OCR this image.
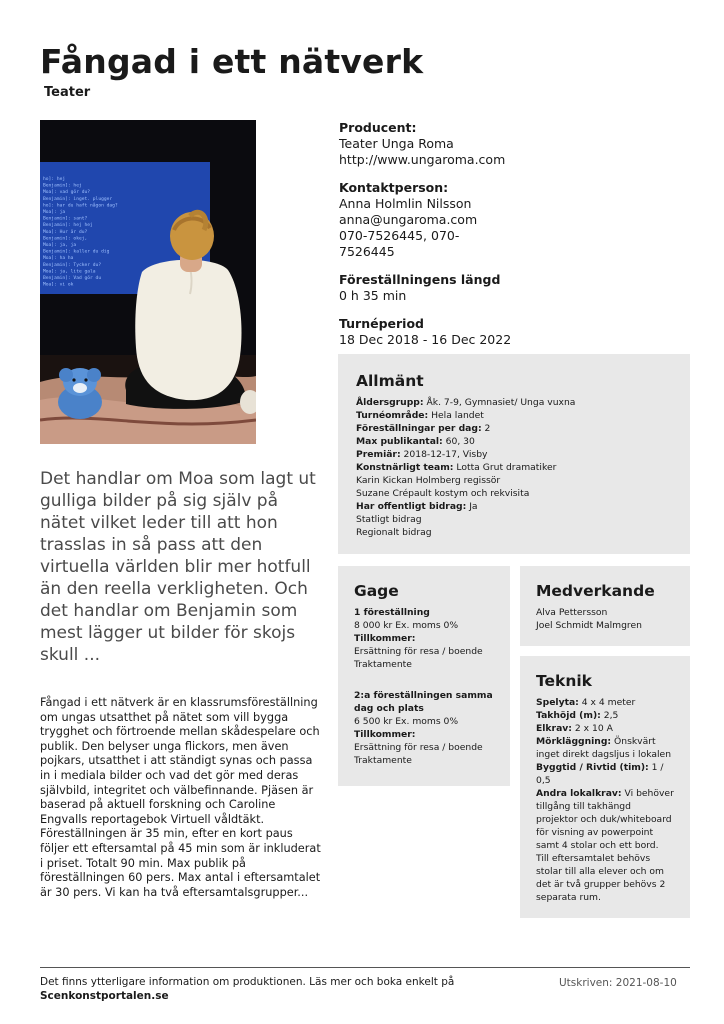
Fångad i ett nätverk
Teater
ho]: hej
Benjamin]: hej
Moa]: vad gör du?
Benjamin]: inget. plugger
ho]: har du haft någon dag?
Moa]: ja
Benjamin]: sant?
Benjamin]: hej hej
Moa]: Hur är du?
Benjamin]: okej,
Moa]: ja, ja
Benjamin]: kaller du dig
Moa]: ha ha
Benjamin]: Tycker du?
Moa]: ja, lite gala
Benjamin]: Vad gör du
Moa]: vi ok
Producent:
Teater Unga Roma
http://www.ungaroma.com
Kontaktperson:
Anna Holmlin Nilsson
anna@ungaroma.com
070-7526445, 070-
7526445
Föreställningens längd
0 h 35 min
Turnéperiod
18 Dec 2018 - 16 Dec 2022

Det handlar om Moa som lagt ut gulliga bilder på sig själv på nätet vilket leder till att hon trasslas in så pass att den virtuella världen blir mer hotfull än den reella verkligheten. Och det handlar om Benjamin som mest lägger ut bilder för skojs skull ...

Fångad i ett nätverk är en klassrumsföreställning om ungas utsatthet på nätet som vill bygga trygghet och förtroende mellan skådespelare och publik. Den belyser unga flickors, men även pojkars, utsatthet i att ständigt synas och passa in i mediala bilder och vad det gör med deras självbild, integritet och välbefinnande. Pjäsen är baserad på aktuell forskning och Caroline Engvalls reportagebok Virtuell våldtäkt. Föreställningen är 35 min, efter en kort paus följer ett eftersamtal på 45 min som är inkluderat i priset. Totalt 90 min. Max publik på föreställningen 60 pers. Max antal i eftersamtalet är 30 pers. Vi kan ha två eftersamtalsgrupper...

Allmänt
Åldersgrupp: Åk. 7-9, Gymnasiet/ Unga vuxna
Turnéområde: Hela landet
Föreställningar per dag: 2
Max publikantal: 60, 30
Premiär: 2018-12-17, Visby
Konstnärligt team: Lotta Grut dramatiker
Karin Kickan Holmberg regissör
Suzane Crépault kostym och rekvisita
Har offentligt bidrag: Ja
Statligt bidrag
Regionalt bidrag
Gage
1 föreställning
8 000 kr Ex. moms 0%
Tillkommer:
Ersättning för resa / boende
Traktamente
2:a föreställningen samma
dag och plats
6 500 kr Ex. moms 0%
Tillkommer:
Ersättning för resa / boende
Traktamente
Medverkande
Alva Pettersson
Joel Schmidt Malmgren
Teknik
Spelyta: 4 x 4 meter
Takhöjd (m): 2,5
Elkrav: 2 x 10 A
Mörkläggning: Önskvärt
inget direkt dagsljus i lokalen
Byggtid / Rivtid (tim): 1 /
0,5
Andra lokalkrav: Vi behöver
tillgång till takhängd
projektor och duk/whiteboard
för visning av powerpoint
samt 4 stolar och ett bord.
Till eftersamtalet behövs
stolar till alla elever och om
det är två grupper behövs 2
separata rum.
Det finns ytterligare information om produktionen. Läs mer och boka enkelt på
Scenkonstportalen.se
Utskriven: 2021-08-10
